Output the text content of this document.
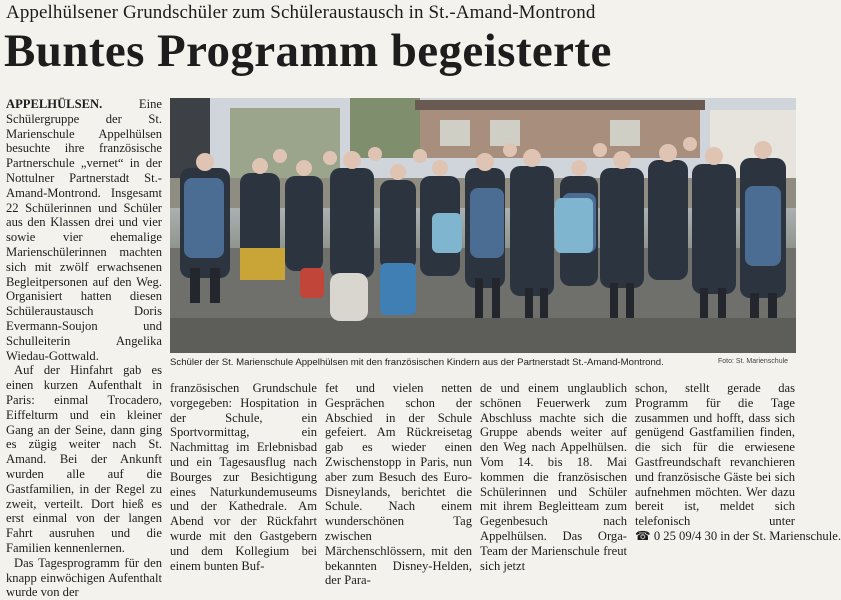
Appelhülsener Grundschüler zum Schüleraustausch in St.-Amand-Montrond
Buntes Programm begeisterte

APPELHÜLSEN.	Eine Schülergruppe der St. Marienschule Appelhülsen besuchte ihre französische Partnerschule „vernet“ in der Nottulner Partnerstadt St.-Amand-Montrond. Insgesamt 22 Schülerinnen und Schüler aus den Klassen drei und vier sowie vier ehemalige Marienschülerinnen machten sich mit zwölf erwachsenen Begleitpersonen auf den Weg. Organisiert hatten diesen Schüleraustausch Doris Evermann-Soujon und Schulleiterin Angelika Wiedau-Gottwald.

Auf der Hinfahrt gab es einen kurzen Aufenthalt in Paris: einmal Trocadero, Eiffelturm und ein kleiner Gang an der Seine, dann ging es zügig weiter nach St. Amand. Bei der Ankunft wurden alle auf die Gastfamilien, in der Regel zu zweit, verteilt. Dort hieß es erst einmal von der langen Fahrt ausruhen und die Familien kennenlernen.

Das Tagesprogramm für den knapp einwöchigen Aufenthalt wurde von der

Schüler der St. Marienschule Appelhülsen mit den französischen Kindern aus der Partnerstadt St.-Amand-Montrond.	Foto: St. Marienschule

französischen Grundschule vorgegeben: Hospitation in der Schule, ein Sportvormittag, ein Nachmittag im Erlebnisbad und ein Tagesausflug nach Bourges zur Besichtigung eines Naturkundemuseums und der Kathedrale. Am Abend vor der Rückfahrt wurde mit den Gastgebern und dem Kollegium bei einem bunten Buf-

fet und vielen netten Gesprächen schon der Abschied in der Schule gefeiert. Am Rückreisetag gab es wieder einen Zwischenstopp in Paris, nun aber zum Besuch des Euro-Disneylands, berichtet die Schule. Nach einem wunderschönen Tag zwischen Märchenschlössern, mit den bekannten Disney-Helden, der Para-

de und einem unglaublich schönen Feuerwerk zum Abschluss machte sich die Gruppe abends weiter auf den Weg nach Appelhülsen. Vom 14. bis 18. Mai kommen die französischen Schülerinnen und Schüler mit ihrem Begleitteam zum Gegenbesuch nach Appelhülsen. Das Orga-Team der Marienschule freut sich jetzt

schon, stellt gerade das Programm für die Tage zusammen und hofft, dass sich genügend Gastfamilien finden, die sich für die erwiesene Gastfreundschaft revanchieren und französische Gäste bei sich aufnehmen möchten. Wer dazu bereit ist, meldet sich telefonisch unter ☎ 0 25 09/4 30 in der St. Marienschule.
